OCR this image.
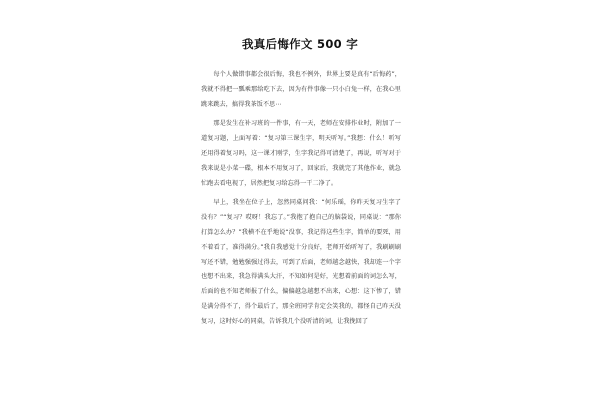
我真后悔作文 500 字

每个人做错事都会很后悔，我也不例外，世界上要是真有“后悔药”，我就不得把一瓢乘那给吃下去，因为有件事像一只小白兔一样，在我心里跳来跳去，搞得我茶饭不思⋯

那是发生在补习班的一件事，有一天，老师在安排作业时，附加了一道复习题，上面写着：“复习第三课生字，明天听写。”我想：什么！听写还用得着复习吗，这一课才刚学，生字我记得可清楚了，再说，听写对于我来说是小菜一碟，根本不用复习了，回家后，我就完了其他作业，就急忙跑去看电视了，居然把复习给忘得一干二净了。

早上，我坐在位子上，忽然同桌问我：“何乐瑶，你昨天复习生字了没有？”“复习？哎呀！我忘了。”我抱了抱自己的脑袋说，同桌说：“那你打算怎么办？”我横不在乎地说“没事，我记得这些生字，简单的要死，用不着看了，准得满分。”我自我感觉十分良好，老师开始听写了，我刷刷刷写还不错，勉勉强强过得去，可到了后面，老师越念越快，我却连一个字也想不出来，我急得满头大汗，不知如何是好，光想着前面的词怎么写，后面的也不知老师报了什么，偏偏越急越想不出来，心想：这下惨了，错是满分得不了，得个最后了，那全班同学肯定会笑我的，都怪自己昨天没复习，这时好心的同桌，告诉我几个没听清的词，让我挽回了
